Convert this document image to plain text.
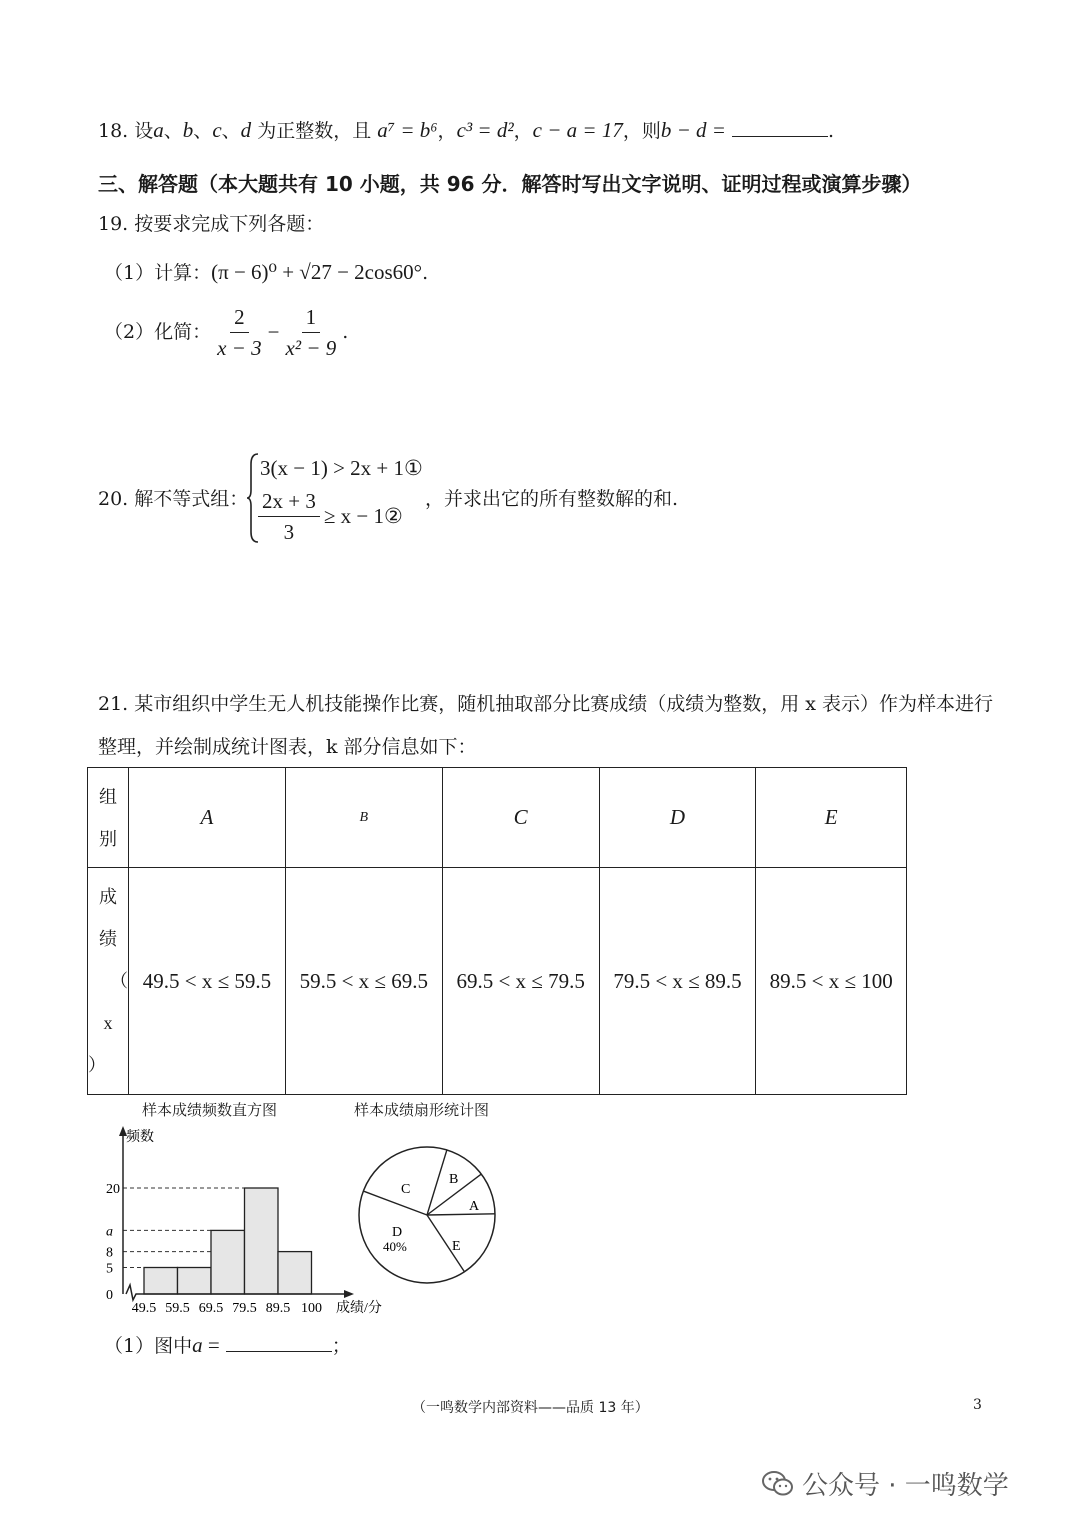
18. 设a、b、c、d 为正整数，且 a⁷ = b⁶，c³ = d²，c − a = 17，则b − d =	.
三、解答题（本大题共有 10 小题，共 96 分．解答时写出文字说明、证明过程或演算步骤）
19. 按要求完成下列各题：
（1）计算：(π − 6)⁰ + √27 − 2cos60°.
（2）化简： $\frac{2}{x - 3} - \frac{1}{\text{x² − 9}}$ .
20. 解不等式组：
3(x − 1) > 2x + 1①
$\frac{2x + 3}{3} \ge x$ − 1②
，并求出它的所有整数解的和.
21. 某市组织中学生无人机技能操作比赛，随机抽取部分比赛成绩（成绩为整数，用 x 表示）作为样本进行
整理，并绘制成统计图表，k 部分信息如下：
组
别	A	B	C	D	E

成
绩
（
x
）	49.5 < x ≤ 59.5	59.5 < x ≤ 69.5	69.5 < x ≤ 79.5	79.5 < x ≤ 89.5	89.5 < x ≤ 100
样本成绩频数直方图	样本成绩扇形统计图
频数
成绩/分
0
5
8
a
20
49.5 59.5 69.5 79.5 89.5 100
C
B
A
D
40%	E
（1）图中a =	；
（一鸣数学内部资料——品质 13 年）	3
公众号 · 一鸣数学
